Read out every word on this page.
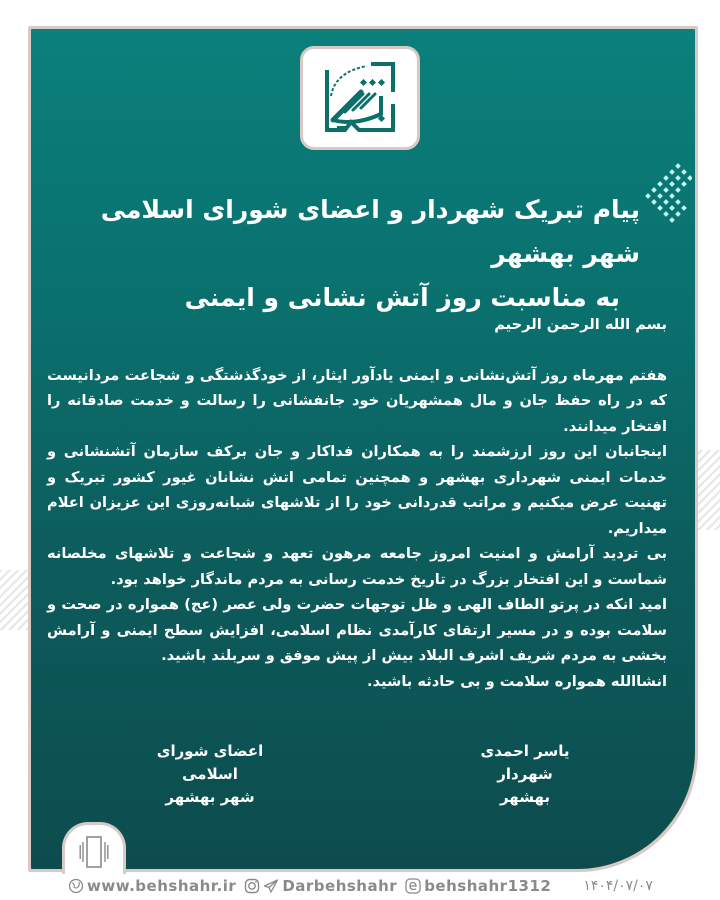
پیام تبریک شهردار و اعضای شورای اسلامی شهر بهشهر
به مناسبت روز آتش نشانی و ایمنی

بسم الله الرحمن الرحیم

هفتم مهرماه روز آتش‌نشانی و ایمنی یادآور ایثار، از خودگذشتگی و شجاعت مردانیست که در راه حفظ جان و مال همشهریان خود جانفشانی را رسالت و خدمت صادقانه را افتخار میدانند.

اینجانبان این روز ارزشمند را به همکاران فداکار و جان برکف سازمان آتشنشانی و خدمات ایمنی شهرداری بهشهر و همچنین تمامی اتش نشانان غیور کشور تبریک و تهنیت عرض میکنیم و مراتب قدردانی خود را از تلاشهای شبانه‌روزی این عزیزان اعلام میداریم.

بی تردید آرامش و امنیت امروز جامعه مرهون تعهد و شجاعت و تلاشهای مخلصانه شماست و این افتخار بزرگ در تاریخ خدمت رسانی به مردم ماندگار خواهد بود.

امید انکه در پرتو الطاف الهی و ظل توجهات حضرت ولی عصر (عج) همواره در صحت و سلامت بوده و در مسیر ارتقای کارآمدی نظام اسلامی، افزایش سطح ایمنی و آرامش بخشی به مردم شریف اشرف البلاد بیش از پیش موفق و سربلند باشید.

انشاالله همواره سلامت و بی حادثه باشید.

یاسر احمدی
شهردار بهشهر
اعضای شورای اسلامی
شهر بهشهر
www.behshahr.ir	Darbehshahr behshahr1312 ۱۴۰۴/۰۷/۰۷
